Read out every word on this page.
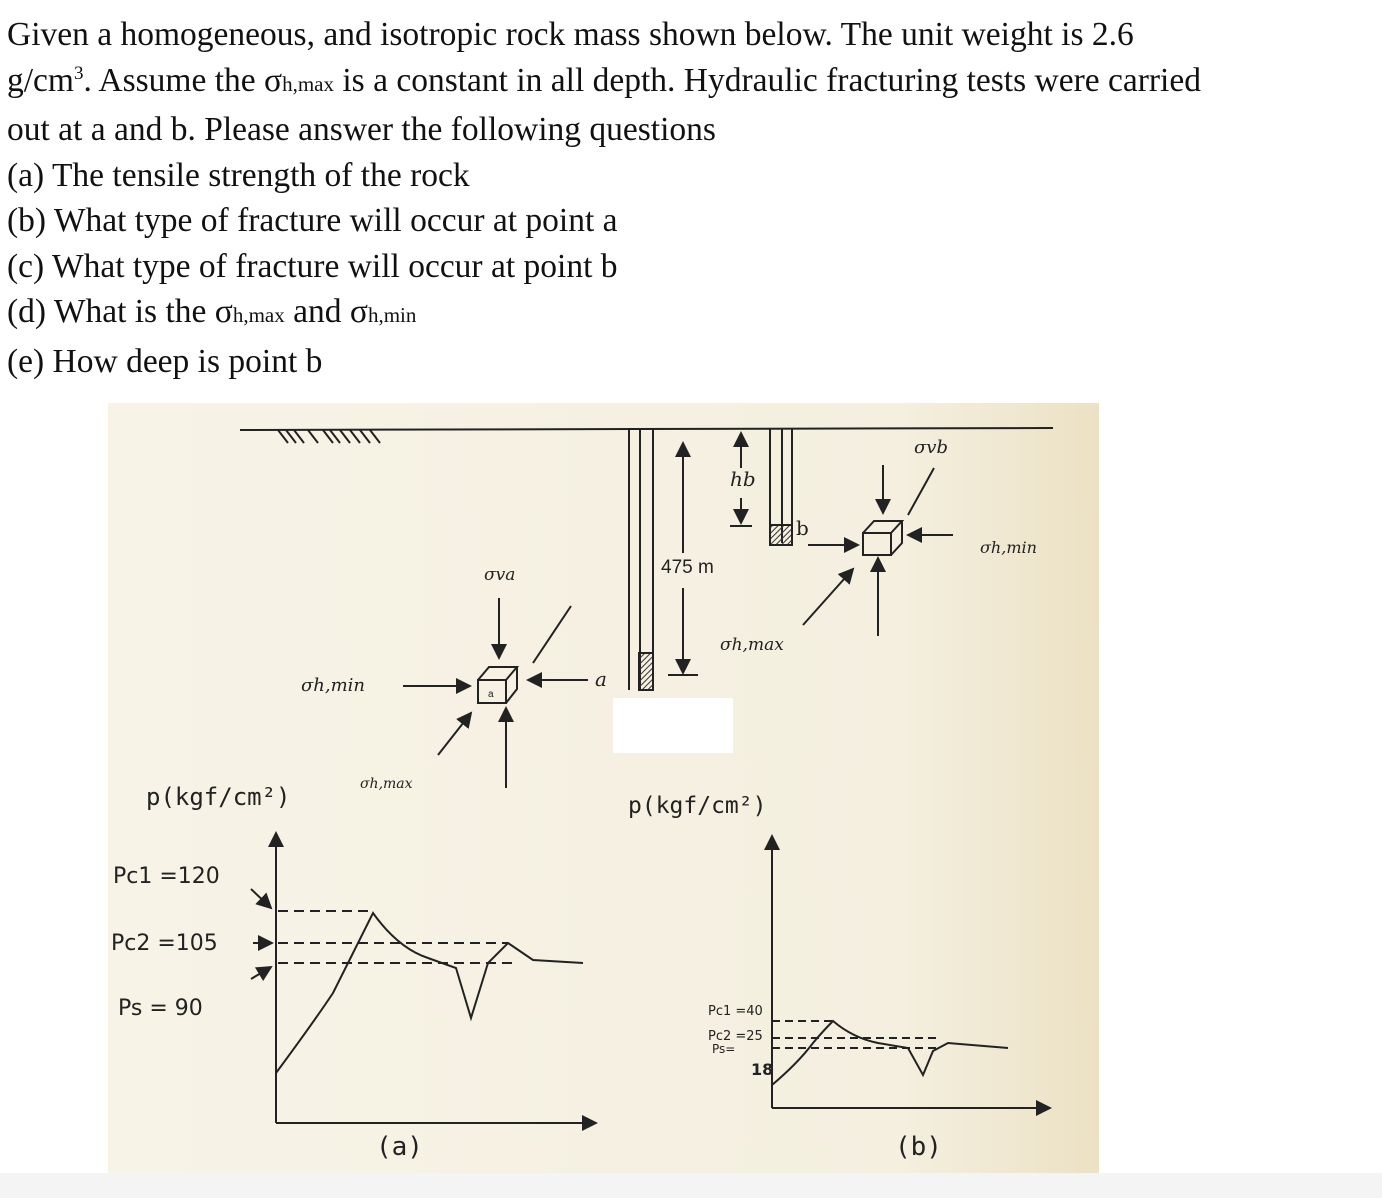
Given a homogeneous, and isotropic rock mass shown below. The unit weight is 2.6
$g/cm^3$. Assume the σh,max is a constant in all depth. Hydraulic fracturing tests were carried
out at a and b. Please answer the following questions
(a) The tensile strength of the rock
(b) What type of fracture will occur at point a
(c) What type of fracture will occur at point b
(d) What is the σh,max and σh,min
(e) How deep is point b
475 m
hb
b
σvb
σh,min
σh,max
a
a
σva
σh,min
σh,max
p(kgf/cm²)	p(kgf/cm²)
Pc1 =120
Pc2 =105
Ps = 90
(a)
Pc1 =40
Pc2 =25
Ps=
18
(b)
